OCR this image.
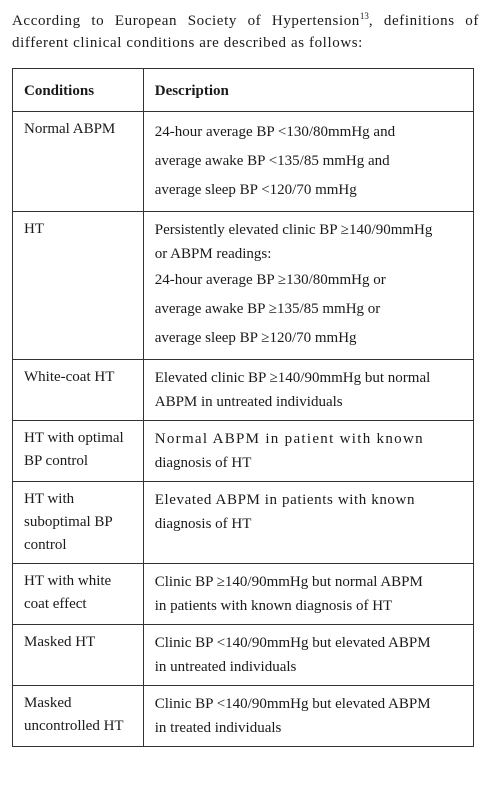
According to European Society of Hypertension$^{13}$, definitions of different clinical conditions are described as follows:

Conditions	Description

Normal ABPM	24-hour average BP <130/80mmHg and
average awake BP <135/85 mmHg and
average sleep BP <120/70 mmHg

HT	Persistently elevated clinic BP ≥140/90mmHg
or ABPM readings:
24-hour average BP ≥130/80mmHg or
average awake BP ≥135/85 mmHg or
average sleep BP ≥120/70 mmHg

White-coat HT	Elevated clinic BP ≥140/90mmHg but normal
ABPM in untreated individuals

HT with optimal
BP control	Normal ABPM in patient with known
diagnosis of HT

HT with
suboptimal BP
control	Elevated ABPM in patients with known
diagnosis of HT

HT with white
coat effect	Clinic BP ≥140/90mmHg but normal ABPM
in patients with known diagnosis of HT

Masked HT	Clinic BP <140/90mmHg but elevated ABPM
in untreated individuals

Masked
uncontrolled HT	Clinic BP <140/90mmHg but elevated ABPM
in treated individuals
